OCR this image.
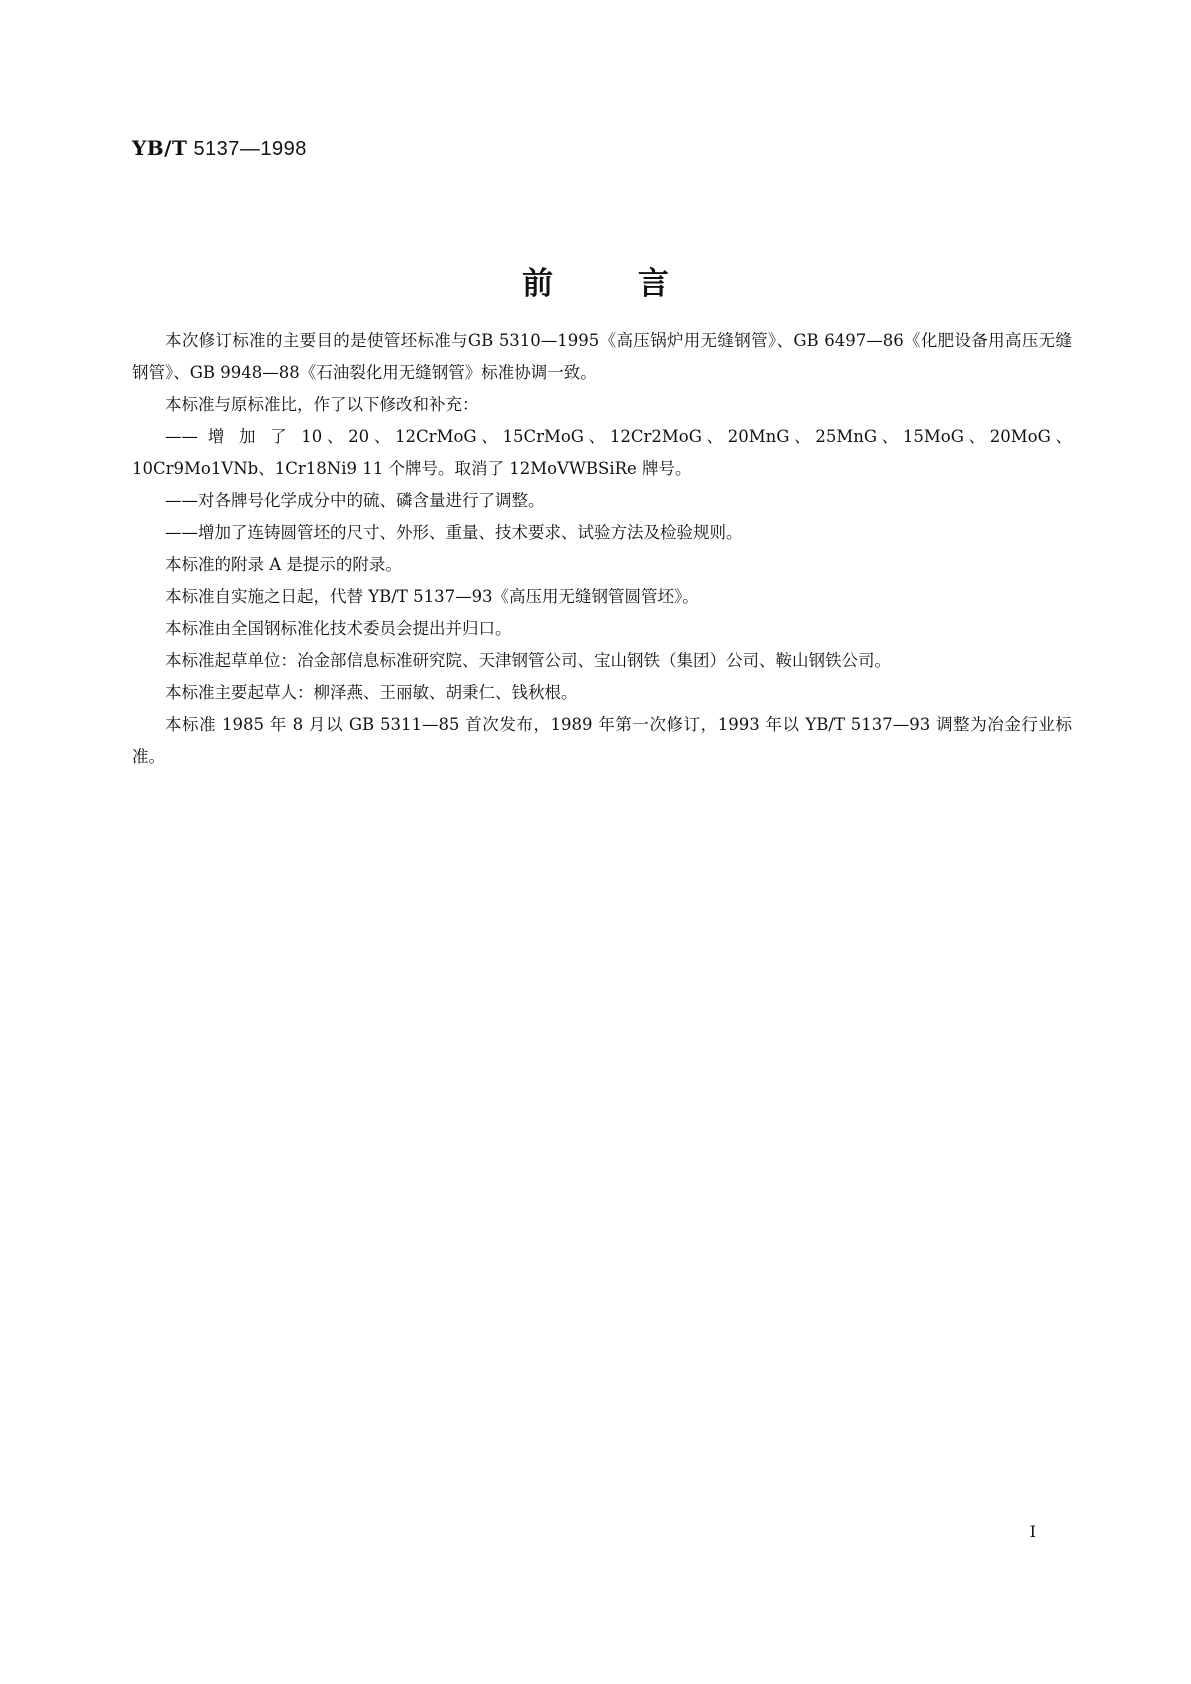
YB/T 5137—1998
前	言

本次修订标准的主要目的是使管坯标准与GB 5310—1995《高压锅炉用无缝钢管》、GB 6497—86《化肥设备用高压无缝钢管》、GB 9948—88《石油裂化用无缝钢管》标准协调一致。

本标准与原标准比，作了以下修改和补充：

—— 增 加 了 10、20、12CrMoG、15CrMoG、12Cr2MoG、20MnG、25MnG、15MoG、20MoG、10Cr9Mo1VNb、1Cr18Ni9 11 个牌号。取消了 12MoVWBSiRe 牌号。

——对各牌号化学成分中的硫、磷含量进行了调整。

——增加了连铸圆管坯的尺寸、外形、重量、技术要求、试验方法及检验规则。

本标准的附录 A 是提示的附录。

本标准自实施之日起，代替 YB/T 5137—93《高压用无缝钢管圆管坯》。

本标准由全国钢标准化技术委员会提出并归口。

本标准起草单位：冶金部信息标准研究院、天津钢管公司、宝山钢铁（集团）公司、鞍山钢铁公司。

本标准主要起草人：柳泽燕、王丽敏、胡秉仁、钱秋根。

本标准 1985 年 8 月以 GB 5311—85 首次发布，1989 年第一次修订，1993 年以 YB/T 5137—93 调整为冶金行业标准。

I
